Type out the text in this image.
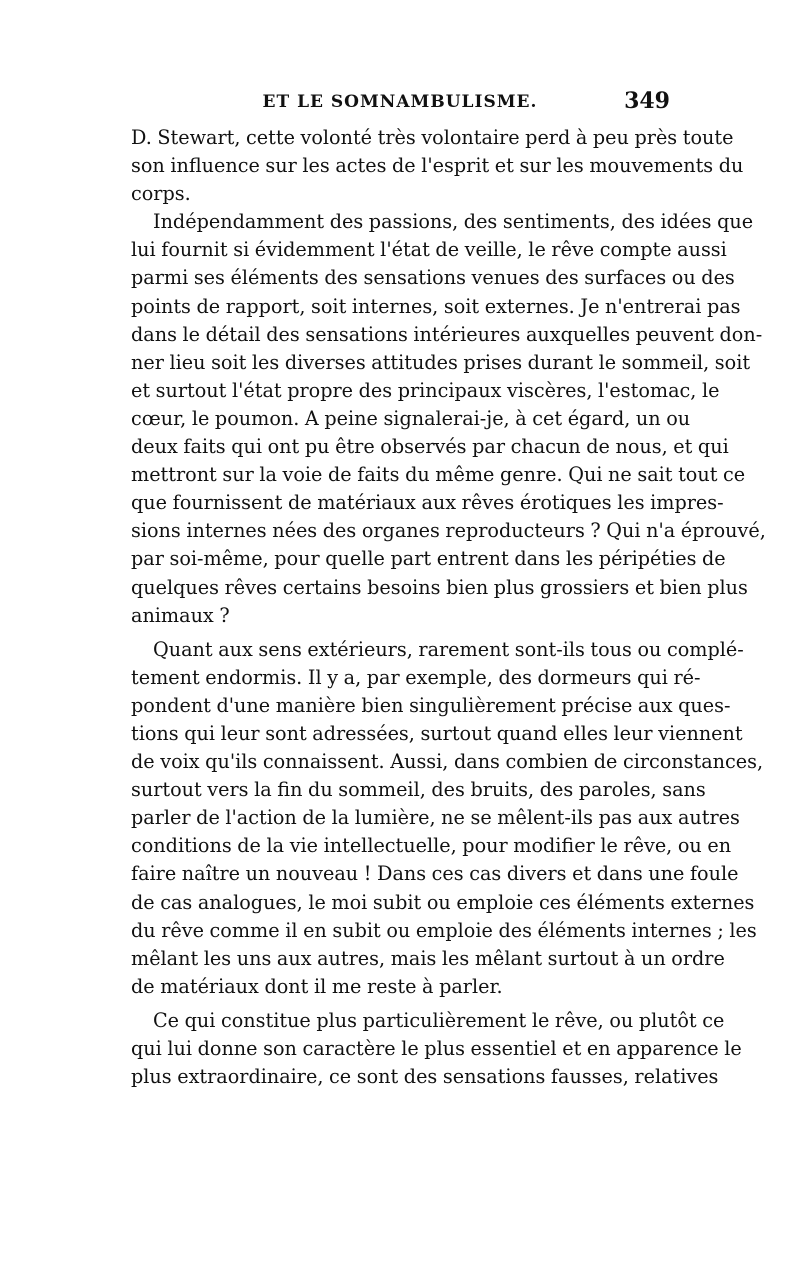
ET LE SOMNAMBULISME.	349
D. Stewart, cette volonté très volontaire perd à peu près toute
son influence sur les actes de l'esprit et sur les mouvements du
corps.
Indépendamment des passions, des sentiments, des idées que
lui fournit si évidemment l'état de veille, le rêve compte aussi
parmi ses éléments des sensations venues des surfaces ou des
points de rapport, soit internes, soit externes. Je n'entrerai pas
dans le détail des sensations intérieures auxquelles peuvent don-
ner lieu soit les diverses attitudes prises durant le sommeil, soit
et surtout l'état propre des principaux viscères, l'estomac, le
cœur, le poumon. A peine signalerai-je, à cet égard, un ou
deux faits qui ont pu être observés par chacun de nous, et qui
mettront sur la voie de faits du même genre. Qui ne sait tout ce
que fournissent de matériaux aux rêves érotiques les impres-
sions internes nées des organes reproducteurs ? Qui n'a éprouvé,
par soi-même, pour quelle part entrent dans les péripéties de
quelques rêves certains besoins bien plus grossiers et bien plus
animaux ?
Quant aux sens extérieurs, rarement sont-ils tous ou complé-
tement endormis. Il y a, par exemple, des dormeurs qui ré-
pondent d'une manière bien singulièrement précise aux ques-
tions qui leur sont adressées, surtout quand elles leur viennent
de voix qu'ils connaissent. Aussi, dans combien de circonstances,
surtout vers la fin du sommeil, des bruits, des paroles, sans
parler de l'action de la lumière, ne se mêlent-ils pas aux autres
conditions de la vie intellectuelle, pour modifier le rêve, ou en
faire naître un nouveau ! Dans ces cas divers et dans une foule
de cas analogues, le moi subit ou emploie ces éléments externes
du rêve comme il en subit ou emploie des éléments internes ; les
mêlant les uns aux autres, mais les mêlant surtout à un ordre
de matériaux dont il me reste à parler.
Ce qui constitue plus particulièrement le rêve, ou plutôt ce
qui lui donne son caractère le plus essentiel et en apparence le
plus extraordinaire, ce sont des sensations fausses, relatives
